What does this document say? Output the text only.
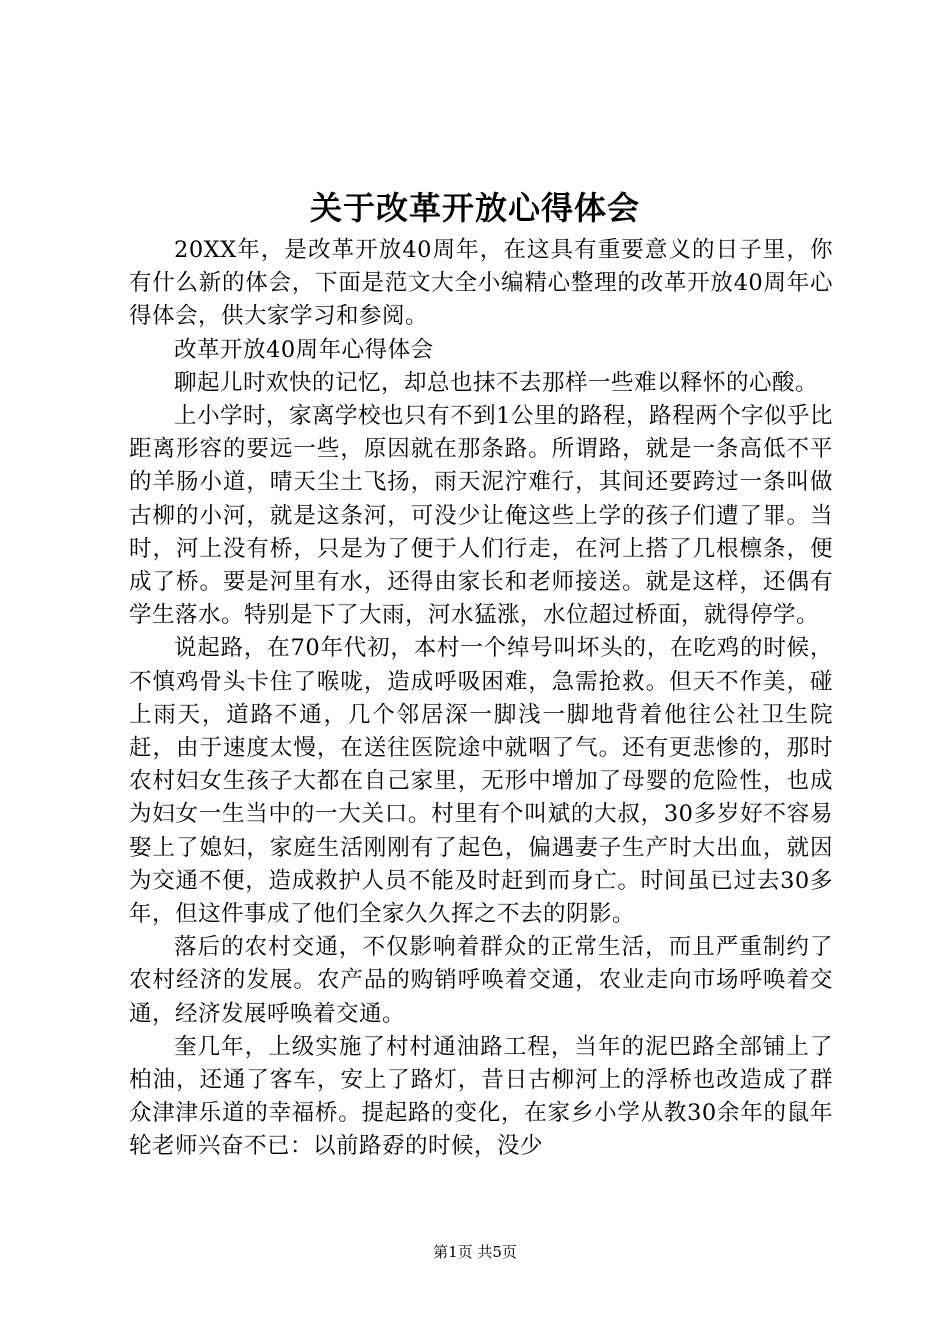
关于改革开放心得体会

20XX年，是改革开放40周年，在这具有重要意义的日子里，你有什么新的体会，下面是范文大全小编精心整理的改革开放40周年心得体会，供大家学习和参阅。

改革开放40周年心得体会

聊起儿时欢快的记忆，却总也抹不去那样一些难以释怀的心酸。

上小学时，家离学校也只有不到1公里的路程，路程两个字似乎比距离形容的要远一些，原因就在那条路。所谓路，就是一条高低不平的羊肠小道，晴天尘土飞扬，雨天泥泞难行，其间还要跨过一条叫做古柳的小河，就是这条河，可没少让俺这些上学的孩子们遭了罪。当时，河上没有桥，只是为了便于人们行走，在河上搭了几根檩条，便成了桥。要是河里有水，还得由家长和老师接送。就是这样，还偶有学生落水。特别是下了大雨，河水猛涨，水位超过桥面，就得停学。

说起路，在70年代初，本村一个绰号叫坏头的，在吃鸡的时候，不慎鸡骨头卡住了喉咙，造成呼吸困难，急需抢救。但天不作美，碰上雨天，道路不通，几个邻居深一脚浅一脚地背着他往公社卫生院赶，由于速度太慢，在送往医院途中就咽了气。还有更悲惨的，那时农村妇女生孩子大都在自己家里，无形中增加了母婴的危险性，也成为妇女一生当中的一大关口。村里有个叫斌的大叔，30多岁好不容易娶上了媳妇，家庭生活刚刚有了起色，偏遇妻子生产时大出血，就因为交通不便，造成救护人员不能及时赶到而身亡。时间虽已过去30多年，但这件事成了他们全家久久挥之不去的阴影。

落后的农村交通，不仅影响着群众的正常生活，而且严重制约了农村经济的发展。农产品的购销呼唤着交通，农业走向市场呼唤着交通，经济发展呼唤着交通。

奎几年，上级实施了村村通油路工程，当年的泥巴路全部铺上了柏油，还通了客车，安上了路灯，昔日古柳河上的浮桥也改造成了群众津津乐道的幸福桥。提起路的变化，在家乡小学从教30余年的鼠年轮老师兴奋不已：以前路孬的时候，没少

第1页 共5页
